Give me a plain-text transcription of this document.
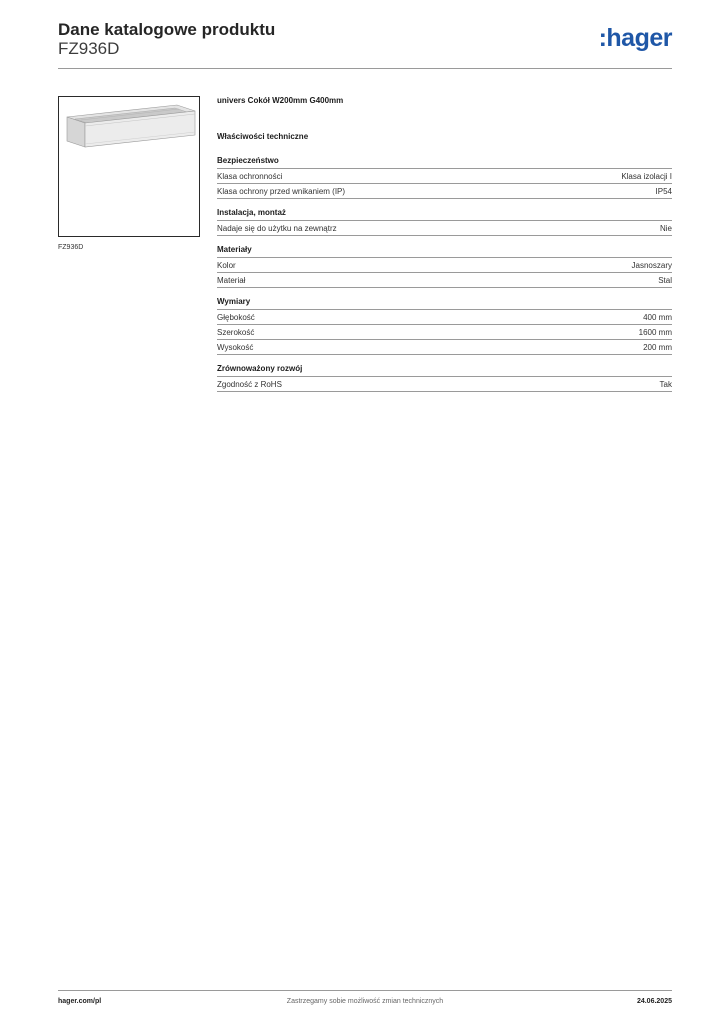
Dane katalogowe produktu
FZ936D	:hager
FZ936D
univers Cokół W200mm G400mm
Właściwości techniczne
Bezpieczeństwo
Klasa ochronności	Klasa izolacji I
Klasa ochrony przed wnikaniem (IP)	IP54
Instalacja, montaż
Nadaje się do użytku na zewnątrz	Nie
Materiały
Kolor	Jasnoszary
Materiał	Stal
Wymiary
Głębokość	400 mm
Szerokość	1600 mm
Wysokość	200 mm
Zrównoważony rozwój
Zgodność z RoHS	Tak
hager.com/pl	Zastrzegamy sobie możliwość zmian technicznych	24.06.2025
